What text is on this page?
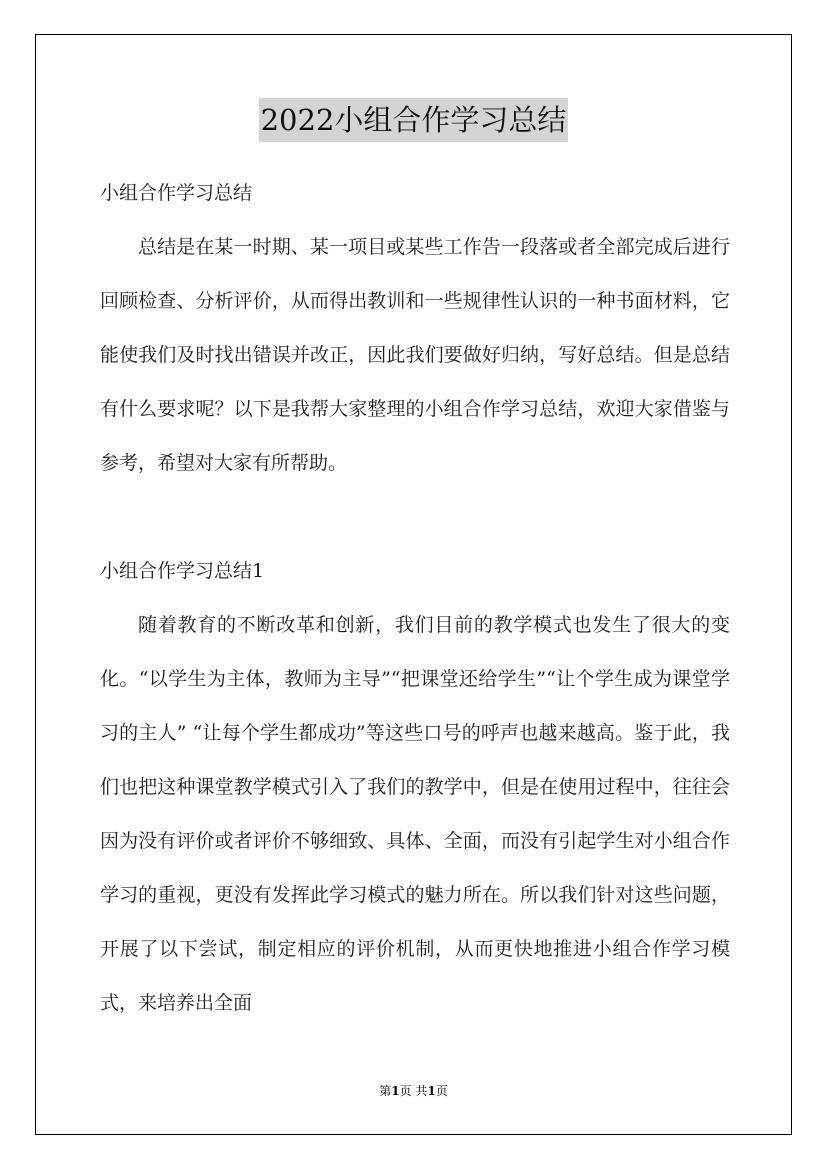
2022小组合作学习总结
小组合作学习总结

总结是在某一时期、某一项目或某些工作告一段落或者全部完成后进行回顾检查、分析评价，从而得出教训和一些规律性认识的一种书面材料，它能使我们及时找出错误并改正，因此我们要做好归纳，写好总结。但是总结有什么要求呢？以下是我帮大家整理的小组合作学习总结，欢迎大家借鉴与参考，希望对大家有所帮助。

小组合作学习总结1

随着教育的不断改革和创新，我们目前的教学模式也发生了很大的变化。“以学生为主体，教师为主导”“把课堂还给学生”“让个学生成为课堂学习的主人” “让每个学生都成功”等这些口号的呼声也越来越高。鉴于此，我们也把这种课堂教学模式引入了我们的教学中，但是在使用过程中，往往会因为没有评价或者评价不够细致、具体、全面，而没有引起学生对小组合作学习的重视，更没有发挥此学习模式的魅力所在。所以我们针对这些问题，开展了以下尝试，制定相应的评价机制，从而更快地推进小组合作学习模式，来培养出全面

第1页 共1页
